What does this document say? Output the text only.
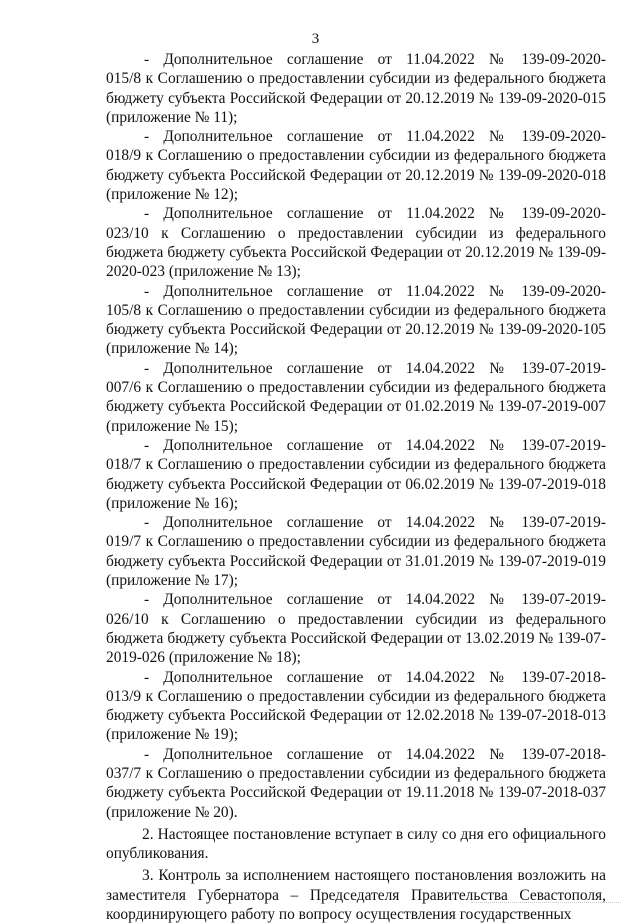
3

- Дополнительное соглашение от 11.04.2022 № 139-09-2020-015/8 к Соглашению о предоставлении субсидии из федерального бюджета бюджету субъекта Российской Федерации от 20.12.2019 № 139-09-2020-015 (приложение № 11);

- Дополнительное соглашение от 11.04.2022 № 139-09-2020-018/9 к Соглашению о предоставлении субсидии из федерального бюджета бюджету субъекта Российской Федерации от 20.12.2019 № 139-09-2020-018 (приложение № 12);

- Дополнительное соглашение от 11.04.2022 № 139-09-2020-023/10 к Соглашению о предоставлении субсидии из федерального бюджета бюджету субъекта Российской Федерации от 20.12.2019 № 139-09-2020-023 (приложение № 13);

- Дополнительное соглашение от 11.04.2022 № 139-09-2020-105/8 к Соглашению о предоставлении субсидии из федерального бюджета бюджету субъекта Российской Федерации от 20.12.2019 № 139-09-2020-105 (приложение № 14);

- Дополнительное соглашение от 14.04.2022 № 139-07-2019-007/6 к Соглашению о предоставлении субсидии из федерального бюджета бюджету субъекта Российской Федерации от 01.02.2019 № 139-07-2019-007 (приложение № 15);

- Дополнительное соглашение от 14.04.2022 № 139-07-2019-018/7 к Соглашению о предоставлении субсидии из федерального бюджета бюджету субъекта Российской Федерации от 06.02.2019 № 139-07-2019-018 (приложение № 16);

- Дополнительное соглашение от 14.04.2022 № 139-07-2019-019/7 к Соглашению о предоставлении субсидии из федерального бюджета бюджету субъекта Российской Федерации от 31.01.2019 № 139-07-2019-019 (приложение № 17);

- Дополнительное соглашение от 14.04.2022 № 139-07-2019-026/10 к Соглашению о предоставлении субсидии из федерального бюджета бюджету субъекта Российской Федерации от 13.02.2019 № 139-07-2019-026 (приложение № 18);

- Дополнительное соглашение от 14.04.2022 № 139-07-2018-013/9 к Соглашению о предоставлении субсидии из федерального бюджета бюджету субъекта Российской Федерации от 12.02.2018 № 139-07-2018-013 (приложение № 19);

- Дополнительное соглашение от 14.04.2022 № 139-07-2018-037/7 к Соглашению о предоставлении субсидии из федерального бюджета бюджету субъекта Российской Федерации от 19.11.2018 № 139-07-2018-037 (приложение № 20).

2. Настоящее постановление вступает в силу со дня его официального опубликования.

3. Контроль за исполнением настоящего постановления возложить на заместителя Губернатора – Председателя Правительства Севастополя, координирующего работу по вопросу осуществления государственных
